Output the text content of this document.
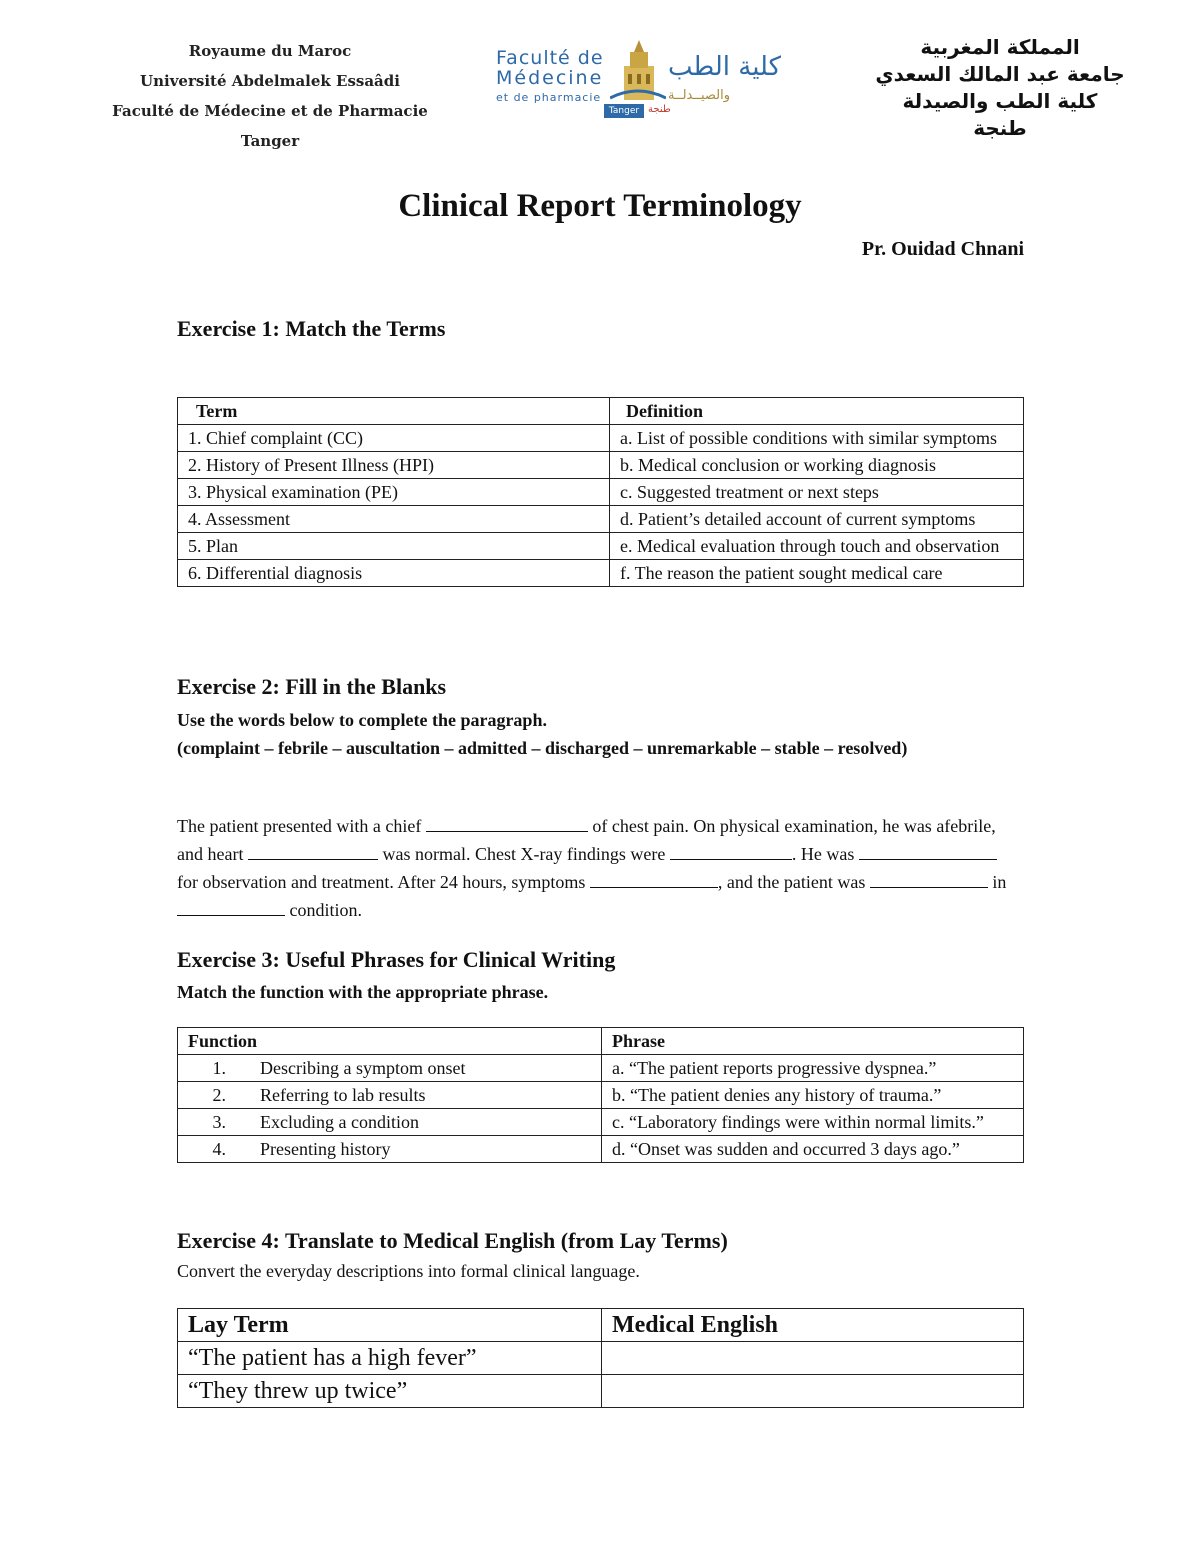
Royaume du Maroc
Université Abdelmalek Essaâdi
Faculté de Médecine et de Pharmacie
Tanger
Faculté de
Médecine
et de pharmacie
كلية الطب
والصيــدلــة
Tanger طنجة
المملكة المغربية
جامعة عبد المالك السعدي
كلية الطب والصيدلة
طنجة
Clinical Report Terminology
Pr. Ouidad Chnani
Exercise 1: Match the Terms
Term	Definition
1. Chief complaint (CC)	a. List of possible conditions with similar symptoms
2. History of Present Illness (HPI)	b. Medical conclusion or working diagnosis
3. Physical examination (PE)	c. Suggested treatment or next steps
4. Assessment	d. Patient’s detailed account of current symptoms
5. Plan	e. Medical evaluation through touch and observation
6. Differential diagnosis	f. The reason the patient sought medical care
Exercise 2: Fill in the Blanks
Use the words below to complete the paragraph.
(complaint – febrile – auscultation – admitted – discharged – unremarkable – stable – resolved)
The patient presented with a chief	of chest pain. On physical examination, he was afebrile, and heart	was normal. Chest X-ray findings were	. He was  for observation and treatment. After 24 hours, symptoms	, and the patient was	in  condition.
Exercise 3: Useful Phrases for Clinical Writing
Match the function with the appropriate phrase.
Function	Phrase
1. Describing a symptom onset	a. “The patient reports progressive dyspnea.”
2. Referring to lab results	b. “The patient denies any history of trauma.”
3. Excluding a condition	c. “Laboratory findings were within normal limits.”
4. Presenting history	d. “Onset was sudden and occurred 3 days ago.”
Exercise 4: Translate to Medical English (from Lay Terms)
Convert the everyday descriptions into formal clinical language.
Lay Term	Medical English
“The patient has a high fever”	
“They threw up twice”	
